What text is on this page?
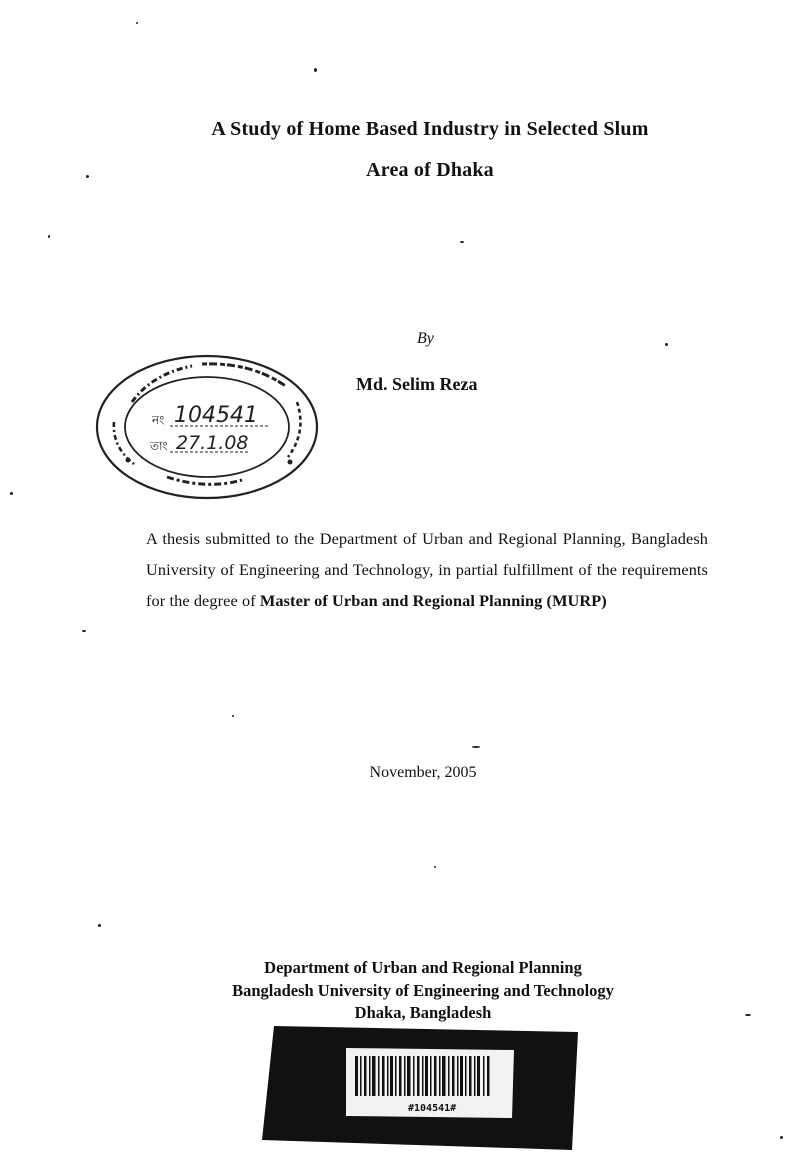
A Study of Home Based Industry in Selected Slum
Area of Dhaka
By
Md. Selim Reza
নং 104541
তাং 27.1.08
A thesis submitted to the Department of Urban and Regional Planning, Bangladesh University of Engineering and Technology, in partial fulfillment of the requirements for the degree of Master of Urban and Regional Planning (MURP)
November, 2005
Department of Urban and Regional Planning
Bangladesh University of Engineering and Technology
Dhaka, Bangladesh
#104541#
